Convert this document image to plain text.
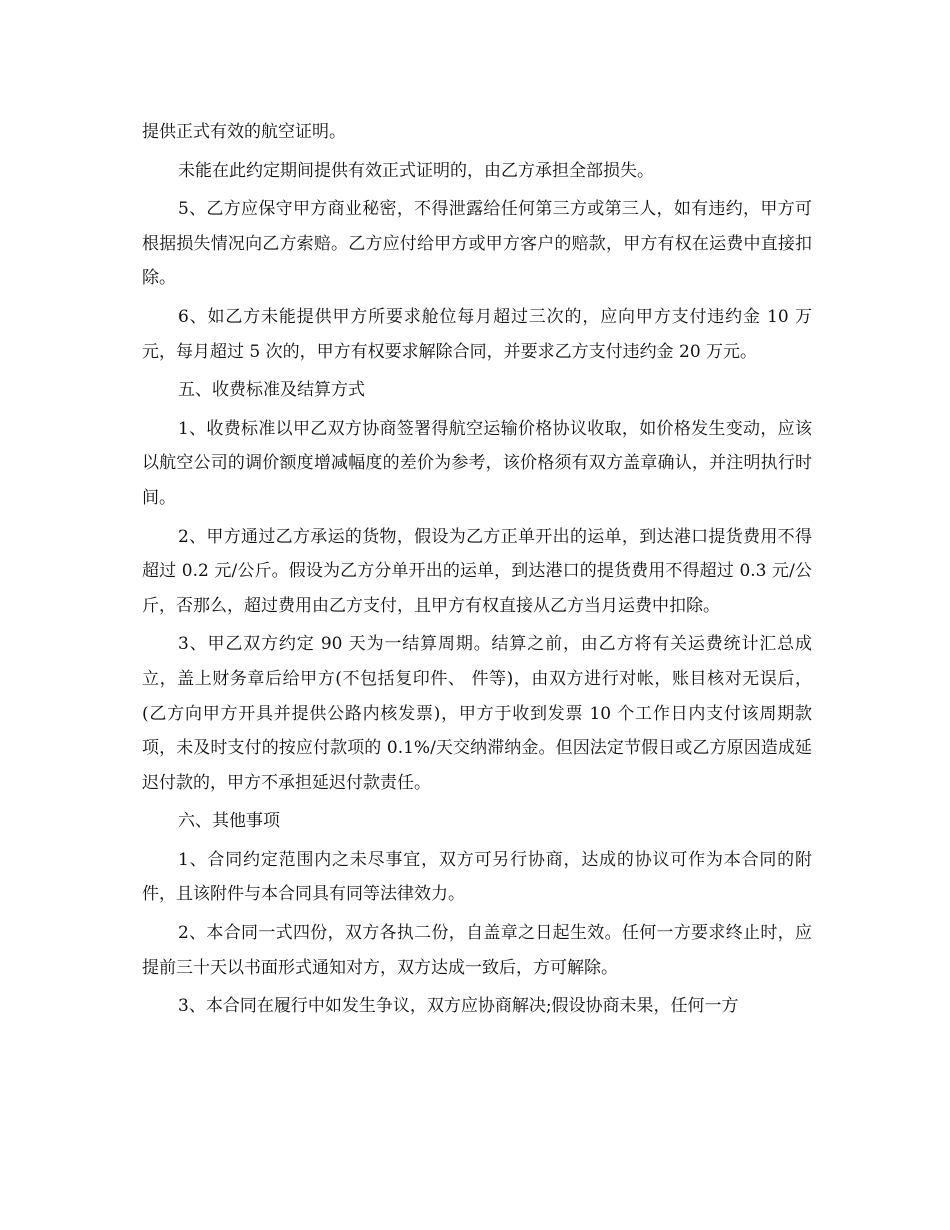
提供正式有效的航空证明。

未能在此约定期间提供有效正式证明的，由乙方承担全部损失。

5、乙方应保守甲方商业秘密，不得泄露给任何第三方或第三人，如有违约，甲方可根据损失情况向乙方索赔。乙方应付给甲方或甲方客户的赔款，甲方有权在运费中直接扣除。

6、如乙方未能提供甲方所要求舱位每月超过三次的，应向甲方支付违约金 10 万元，每月超过 5 次的，甲方有权要求解除合同，并要求乙方支付违约金 20 万元。

五、收费标准及结算方式

1、收费标准以甲乙双方协商签署得航空运输价格协议收取，如价格发生变动，应该以航空公司的调价额度增减幅度的差价为参考，该价格须有双方盖章确认，并注明执行时间。

2、甲方通过乙方承运的货物，假设为乙方正单开出的运单，到达港口提货费用不得超过 0.2 元/公斤。假设为乙方分单开出的运单，到达港口的提货费用不得超过 0.3 元/公斤，否那么，超过费用由乙方支付，且甲方有权直接从乙方当月运费中扣除。

3、甲乙双方约定 90 天为一结算周期。结算之前，由乙方将有关运费统计汇总成立，盖上财务章后给甲方(不包括复印件、 件等)，由双方进行对帐，账目核对无误后，(乙方向甲方开具并提供公路内核发票)，甲方于收到发票 10 个工作日内支付该周期款项，未及时支付的按应付款项的 0.1%/天交纳滞纳金。但因法定节假日或乙方原因造成延迟付款的，甲方不承担延迟付款责任。

六、其他事项

1、合同约定范围内之未尽事宜，双方可另行协商，达成的协议可作为本合同的附件，且该附件与本合同具有同等法律效力。

2、本合同一式四份，双方各执二份，自盖章之日起生效。任何一方要求终止时，应提前三十天以书面形式通知对方，双方达成一致后，方可解除。

3、本合同在履行中如发生争议，双方应协商解决;假设协商未果，任何一方
